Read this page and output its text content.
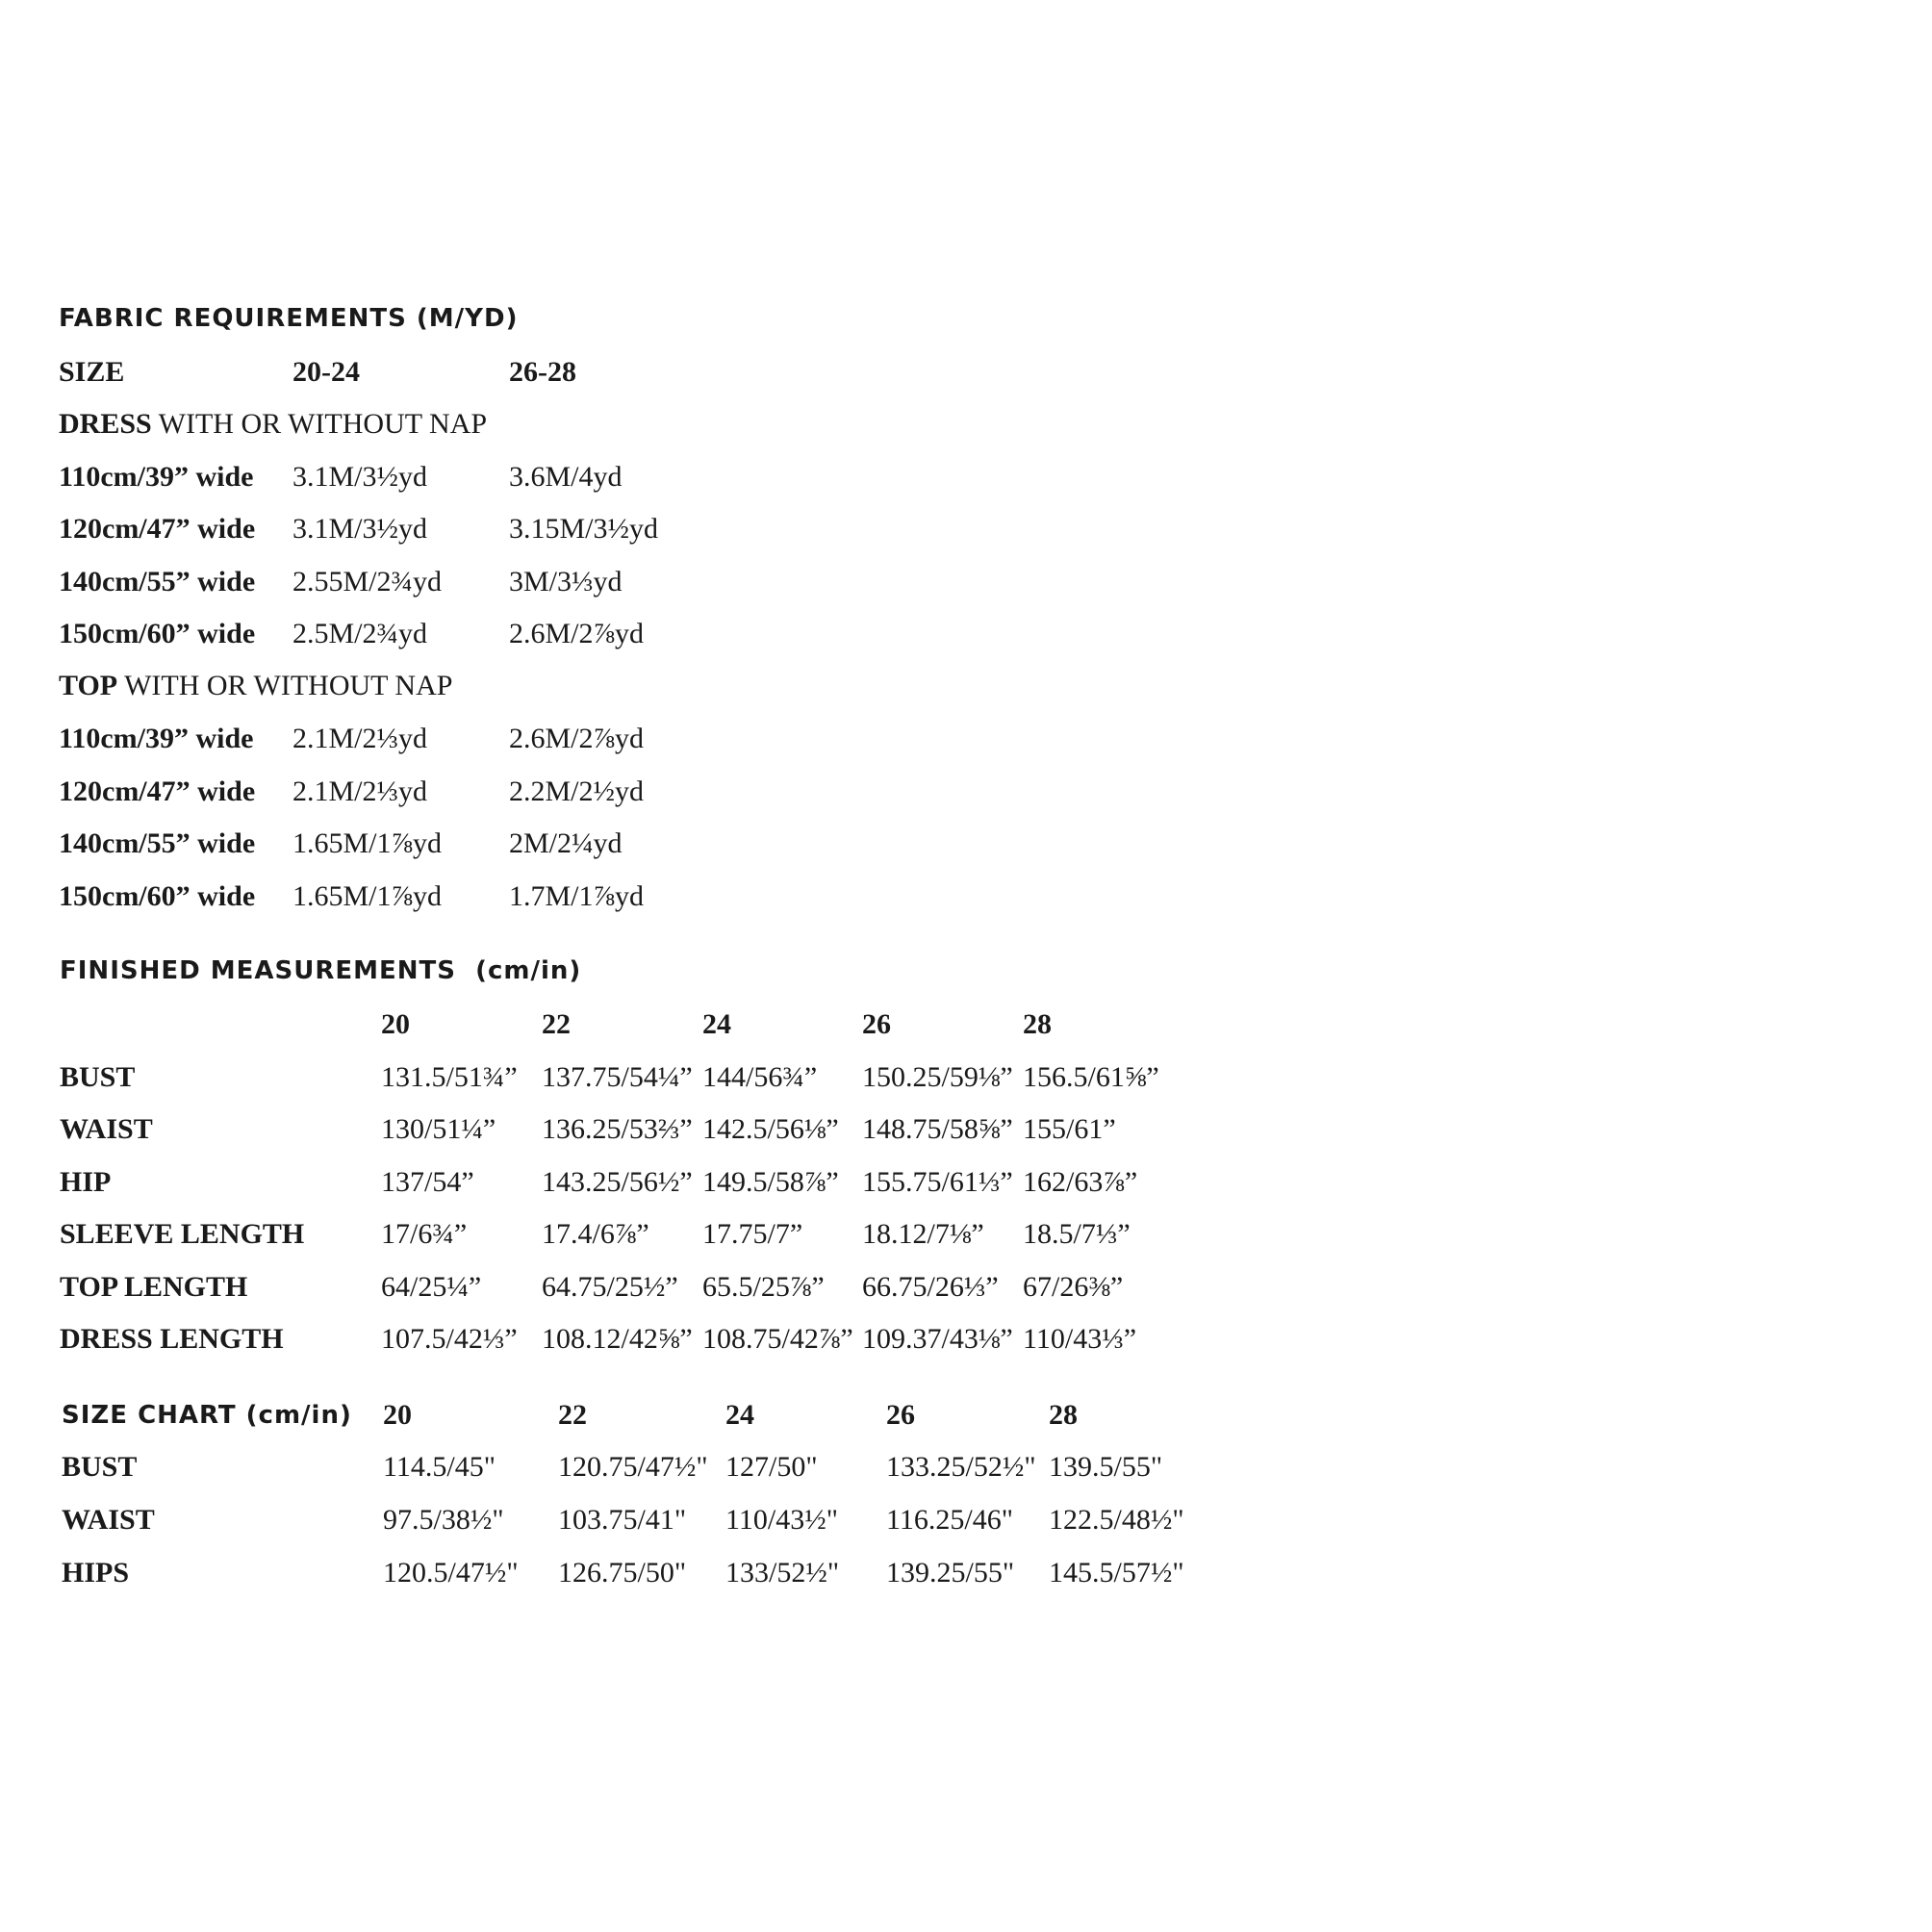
FABRIC REQUIREMENTS (M/YD)
SIZE	20-24	26-28
DRESS WITH OR WITHOUT NAP
110cm/39” wide 3.1M/3½yd	3.6M/4yd
120cm/47” wide 3.1M/3½yd	3.15M/3½yd
140cm/55” wide 2.55M/2¾yd 3M/3⅓yd
150cm/60” wide 2.5M/2¾yd	2.6M/2⅞yd
TOP WITH OR WITHOUT NAP
110cm/39” wide 2.1M/2⅓yd	2.6M/2⅞yd
120cm/47” wide 2.1M/2⅓yd	2.2M/2½yd
140cm/55” wide 1.65M/1⅞yd 2M/2¼yd
150cm/60” wide 1.65M/1⅞yd 1.7M/1⅞yd
FINISHED MEASUREMENTS  (cm/in)
20	22	24	26	28
BUST	131.5/51¾” 137.75/54¼” 144/56¾” 150.25/59⅛” 156.5/61⅝”
WAIST	130/51¼” 136.25/53⅔” 142.5/56⅛” 148.75/58⅝” 155/61”
HIP	137/54” 143.25/56½” 149.5/58⅞” 155.75/61⅓” 162/63⅞”
SLEEVE LENGTH	17/6¾”	17.4/6⅞” 17.75/7” 18.12/7⅛” 18.5/7⅓”
TOP LENGTH	64/25¼” 64.75/25½” 65.5/25⅞” 66.75/26⅓” 67/26⅜”
DRESS LENGTH	107.5/42⅓” 108.12/42⅝” 108.75/42⅞” 109.37/43⅛” 110/43⅓”
SIZE CHART (cm/in) 20	22	24	26	28
BUST	114.5/45" 120.75/47½" 127/50" 133.25/52½" 139.5/55"
WAIST	97.5/38½" 103.75/41" 110/43½" 116.25/46" 122.5/48½"
HIPS	120.5/47½" 126.75/50" 133/52½" 139.25/55" 145.5/57½"
